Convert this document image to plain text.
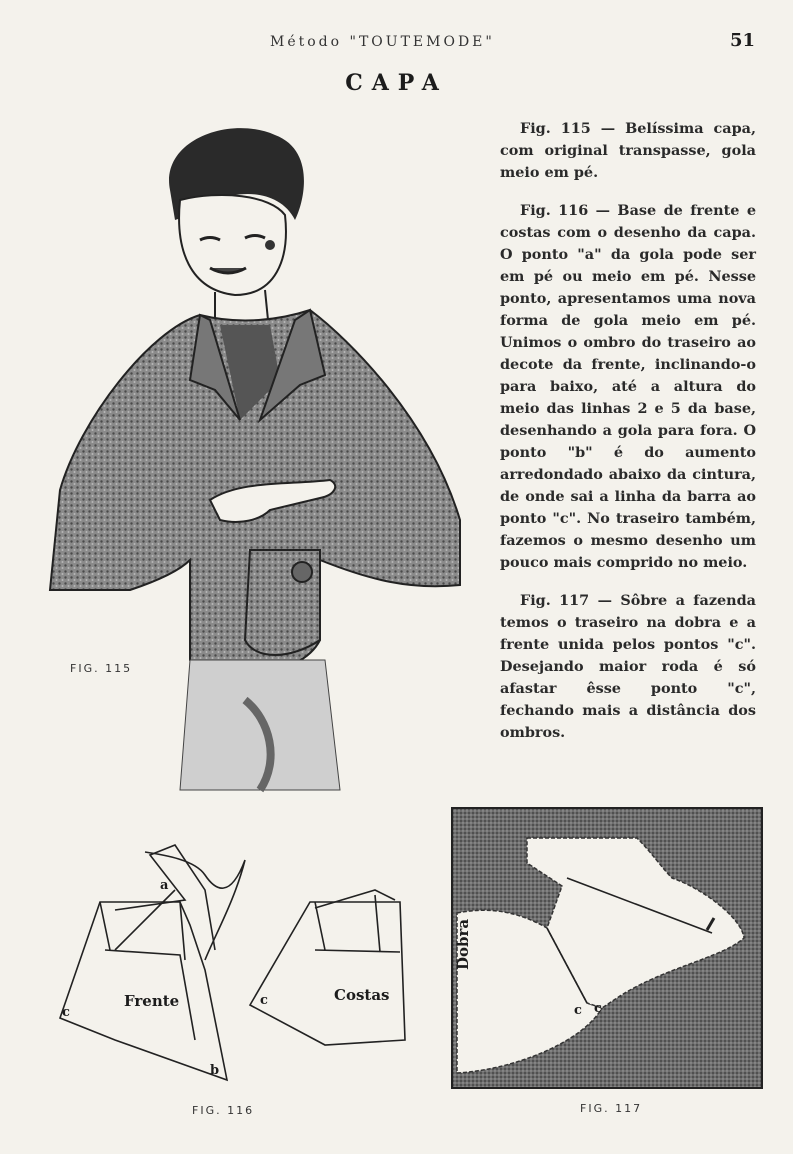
Método "TOUTEMODE"	51
CAPA

Fig. 115 — Belíssima capa, com original transpasse, gola meio em pé.

Fig. 116 — Base de frente e costas com o desenho da capa. O ponto "a" da gola pode ser em pé ou meio em pé. Nesse ponto, apresentamos uma nova forma de gola meio em pé. Unimos o ombro do traseiro ao decote da frente, inclinando-o para baixo, até a altura do meio das linhas 2 e 5 da base, desenhando a gola para fora. O ponto "b" é do aumento arredondado abaixo da cintura, de onde sai a linha da barra ao ponto "c". No traseiro também, fazemos o mesmo desenho um pouco mais comprido no meio.

Fig. 117 — Sôbre a fazenda temos o traseiro na dobra e a frente unida pelos pontos "c". Desejando maior roda é só afastar êsse ponto "c", fechando mais a distância dos ombros.

FIG. 115
a
Frente
b
c
Costas
c
FIG. 116
Dobra
c c
FIG. 117
